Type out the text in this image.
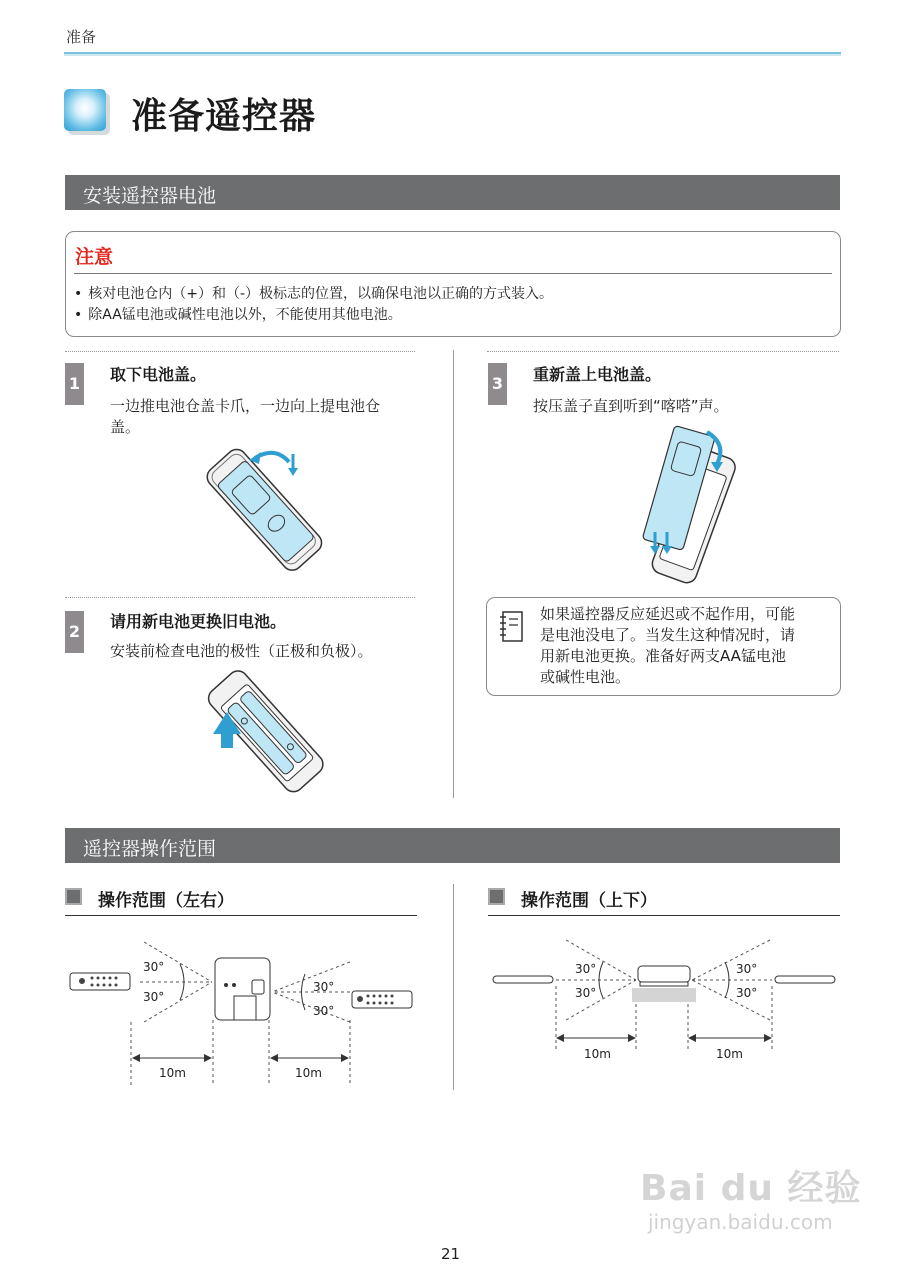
准备
准备遥控器
安装遥控器电池
注意
• 核对电池仓内（+）和（-）极标志的位置，以确保电池以正确的方式装入。
• 除AA锰电池或碱性电池以外，不能使用其他电池。
1 取下电池盖。
一边推电池仓盖卡爪，一边向上提电池仓
盖。
2
请用新电池更换旧电池。
安装前检查电池的极性（正极和负极）。
3 重新盖上电池盖。
按压盖子直到听到“喀嗒”声。
如果遥控器反应延迟或不起作用，可能
是电池没电了。当发生这种情况时，请
用新电池更换。准备好两支AA锰电池
或碱性电池。
遥控器操作范围
操作范围（左右）	操作范围（上下）
30°
30°
30°
30°
10m	10m
30°
30°
30°
30°
10m	10m
Bai du 经验
jingyan.baidu.com
21
